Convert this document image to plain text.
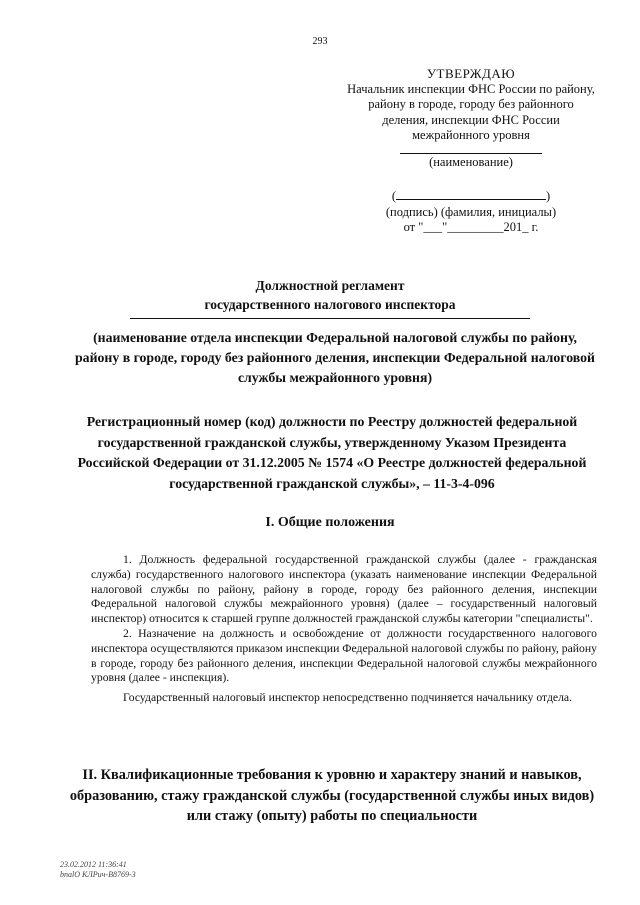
293
УТВЕРЖДАЮ
Начальник инспекции ФНС России по району,
району в городе, городу без районного
деления, инспекции ФНС России
межрайонного уровня
(наименование)
(	)
(подпись) (фамилия, инициалы)
от "___"_________201_ г.
Должностной регламент
государственного налогового инспектора
(наименование отдела инспекции Федеральной налоговой службы по району, району в городе, городу без районного деления, инспекции Федеральной налоговой службы межрайонного уровня)
Регистрационный номер (код) должности по Реестру должностей федеральной государственной гражданской службы, утвержденному Указом Президента Российской Федерации от 31.12.2005 № 1574 «О Реестре должностей федеральной государственной гражданской службы», – 11-3-4-096
I. Общие положения

1. Должность федеральной государственной гражданской службы (далее - гражданская служба) государственного налогового инспектора (указать наименование инспекции Федеральной налоговой службы по району, району в городе, городу без районного деления, инспекции Федеральной налоговой службы межрайонного уровня) (далее – государственный налоговый инспектор) относится к старшей группе должностей гражданской службы категории "специалисты".

2. Назначение на должность и освобождение от должности государственного налогового инспектора осуществляются приказом инспекции Федеральной налоговой службы по району, району в городе, городу без районного деления, инспекции Федеральной налоговой службы межрайонного уровня (далее - инспекция).

Государственный налоговый инспектор непосредственно подчиняется начальнику отдела.

II. Квалификационные требования к уровню и характеру знаний и навыков, образованию, стажу гражданской службы (государственной службы иных видов) или стажу (опыту) работы по специальности
23.02.2012 11:36:41
bnalO КЛРич-B8769-3
